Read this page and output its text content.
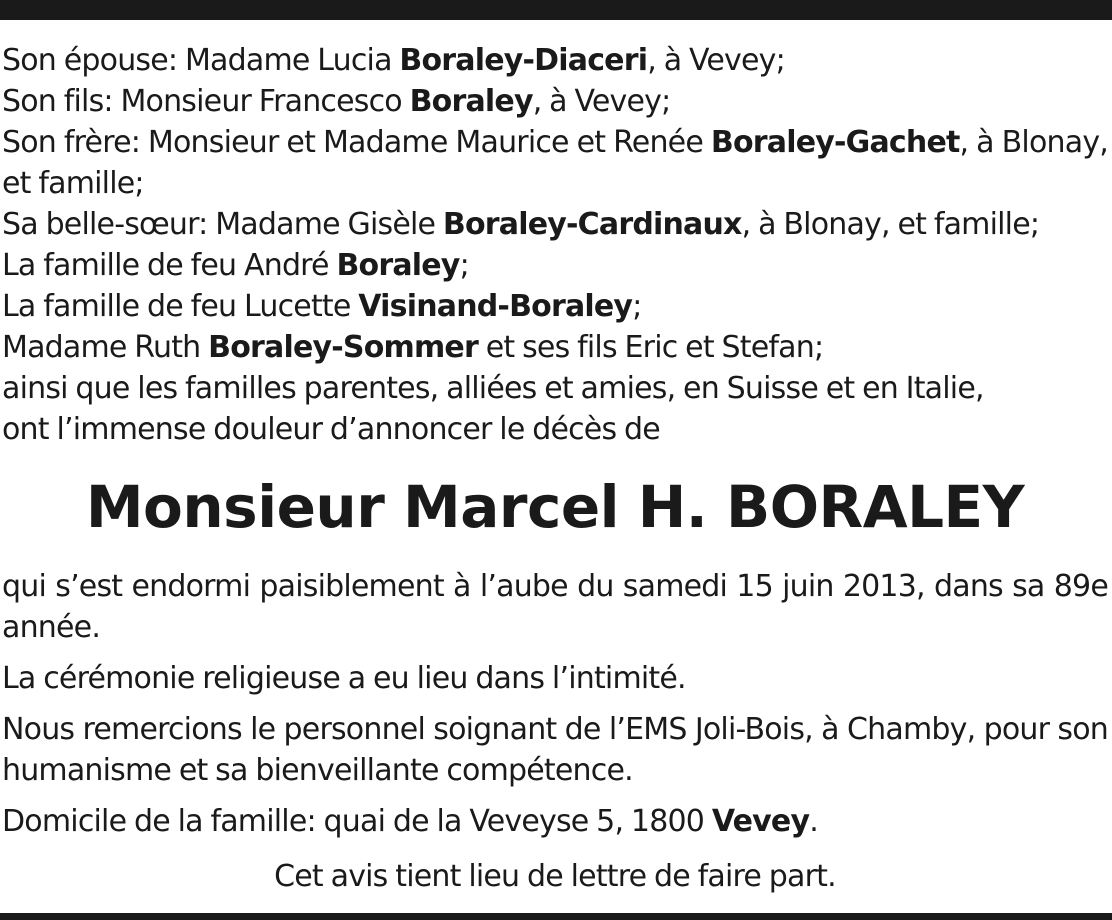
Son épouse: Madame Lucia Boraley-Diaceri, à Vevey;

Son fils: Monsieur Francesco Boraley, à Vevey;

Son frère: Monsieur et Madame Maurice et Renée Boraley-Gachet, à Blonay, et famille;

Sa belle-sœur: Madame Gisèle Boraley-Cardinaux, à Blonay, et famille;

La famille de feu André Boraley;

La famille de feu Lucette Visinand-Boraley;

Madame Ruth Boraley-Sommer et ses fils Eric et Stefan;

ainsi que les familles parentes, alliées et amies, en Suisse et en Italie,

ont l’immense douleur d’annoncer le décès de

Monsieur Marcel H. BORALEY

qui s’est endormi paisiblement à l’aube du samedi 15 juin 2013, dans sa 89e année.

La cérémonie religieuse a eu lieu dans l’intimité.

Nous remercions le personnel soignant de l’EMS Joli-Bois, à Chamby, pour son humanisme et sa bienveillante compétence.

Domicile de la famille: quai de la Veveyse 5, 1800 Vevey.

Cet avis tient lieu de lettre de faire part.
